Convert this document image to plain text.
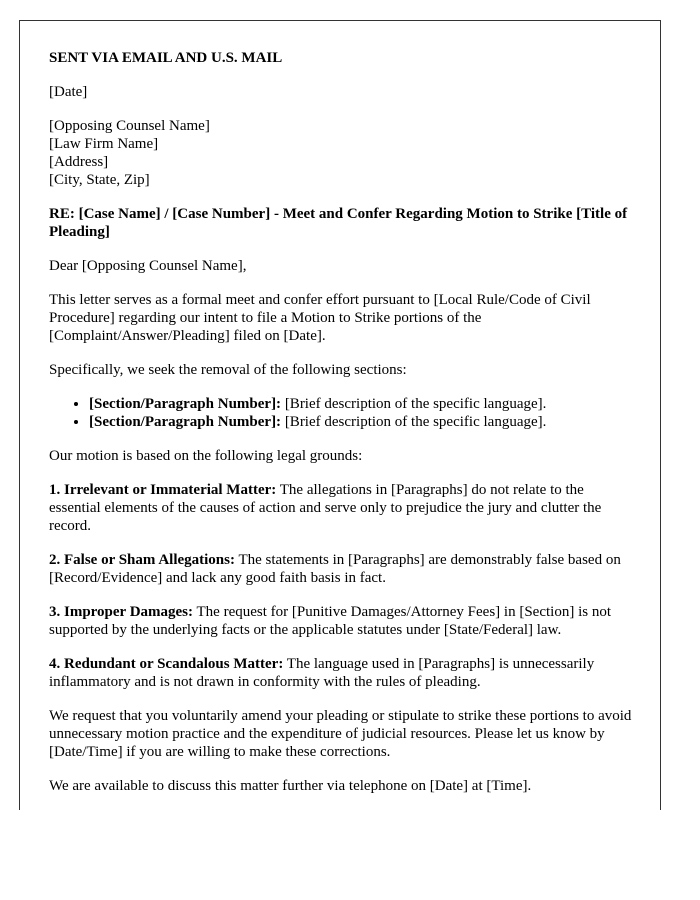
SENT VIA EMAIL AND U.S. MAIL

[Date]

[Opposing Counsel Name]
[Law Firm Name]
[Address]
[City, State, Zip]

RE: [Case Name] / [Case Number] - Meet and Confer Regarding Motion to Strike [Title of Pleading]

Dear [Opposing Counsel Name],

This letter serves as a formal meet and confer effort pursuant to [Local Rule/Code of Civil Procedure] regarding our intent to file a Motion to Strike portions of the [Complaint/Answer/Pleading] filed on [Date].

Specifically, we seek the removal of the following sections:

• [Section/Paragraph Number]: [Brief description of the specific language].
• [Section/Paragraph Number]: [Brief description of the specific language].

Our motion is based on the following legal grounds:

1. Irrelevant or Immaterial Matter: The allegations in [Paragraphs] do not relate to the essential elements of the causes of action and serve only to prejudice the jury and clutter the record.

2. False or Sham Allegations: The statements in [Paragraphs] are demonstrably false based on [Record/Evidence] and lack any good faith basis in fact.

3. Improper Damages: The request for [Punitive Damages/Attorney Fees] in [Section] is not supported by the underlying facts or the applicable statutes under [State/Federal] law.

4. Redundant or Scandalous Matter: The language used in [Paragraphs] is unnecessarily inflammatory and is not drawn in conformity with the rules of pleading.

We request that you voluntarily amend your pleading or stipulate to strike these portions to avoid unnecessary motion practice and the expenditure of judicial resources. Please let us know by [Date/Time] if you are willing to make these corrections.

We are available to discuss this matter further via telephone on [Date] at [Time].
